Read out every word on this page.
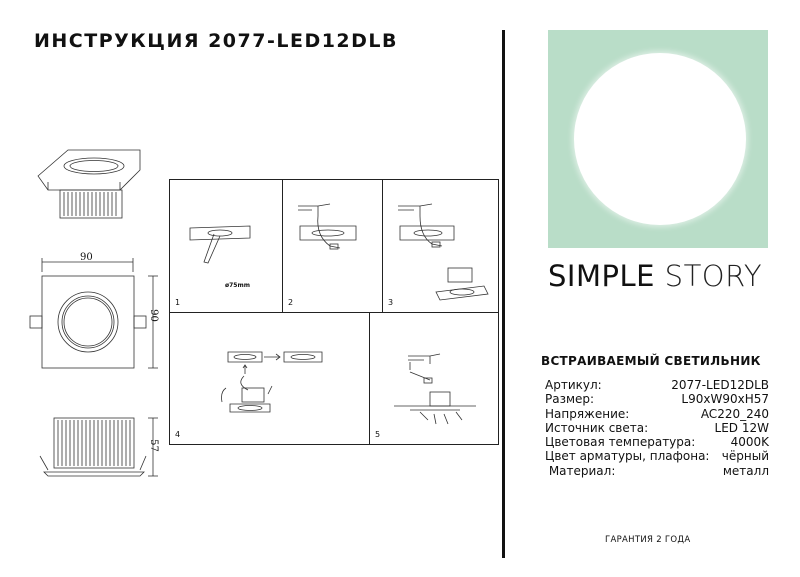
ИНСТРУКЦИЯ 2077-LED12DLB
90
90
57
1
ø75mm
2	3
4	5
SIMPLE STORY
ВСТРАИВАЕМЫЙ СВЕТИЛЬНИК
Артикул:	2077-LED12DLB
Размер:	L90xW90xH57
Напряжение:	AC220_240
Источник света:	LED 12W
Цветовая температура:	4000K
Цвет арматуры, плафона: чёрный
Материал:	металл
ГАРАНТИЯ 2 ГОДА
